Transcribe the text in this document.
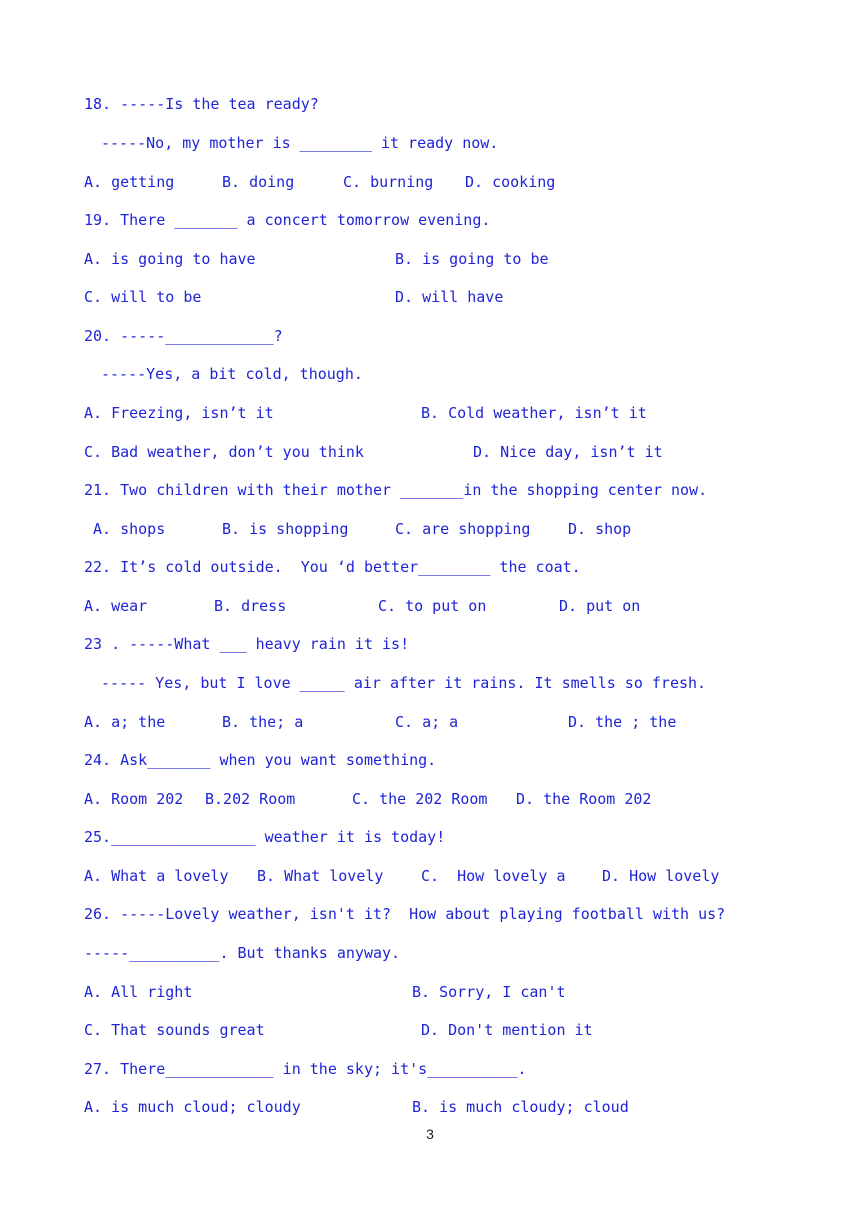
18. -----Is the tea ready?
-----No, my mother is ________ it ready now.
A. getting	B. doing	C. burning D. cooking
19. There _______ a concert tomorrow evening.
A. is going to have	B. is going to be
C. will to be	D. will have
20. -----____________?
-----Yes, a bit cold, though.
A. Freezing, isn’t it	B. Cold weather, isn’t it
C. Bad weather, don’t you think	D. Nice day, isn’t it
21. Two children with their mother _______in the shopping center now.
A. shops	B. is shopping	C. are shopping	D. shop
22. It’s cold outside.  You ‘d better________ the coat.
A. wear	B. dress	C. to put on	D. put on
23 . -----What ___ heavy rain it is!
----- Yes, but I love _____ air after it rains. It smells so fresh.
A. a; the	B. the; a	C. a; a	D. the ; the
24. Ask_______ when you want something.
A. Room 202 B.202 Room	C. the 202 Room D. the Room 202
25.________________ weather it is today!
A. What a lovely B. What lovely	C.  How lovely a D. How lovely
26. -----Lovely weather, isn't it?  How about playing football with us?
-----__________. But thanks anyway.
A. All right	B. Sorry, I can't
C. That sounds great	D. Don't mention it
27. There____________ in the sky; it's__________.
A. is much cloud; cloudy	B. is much cloudy; cloud
3
